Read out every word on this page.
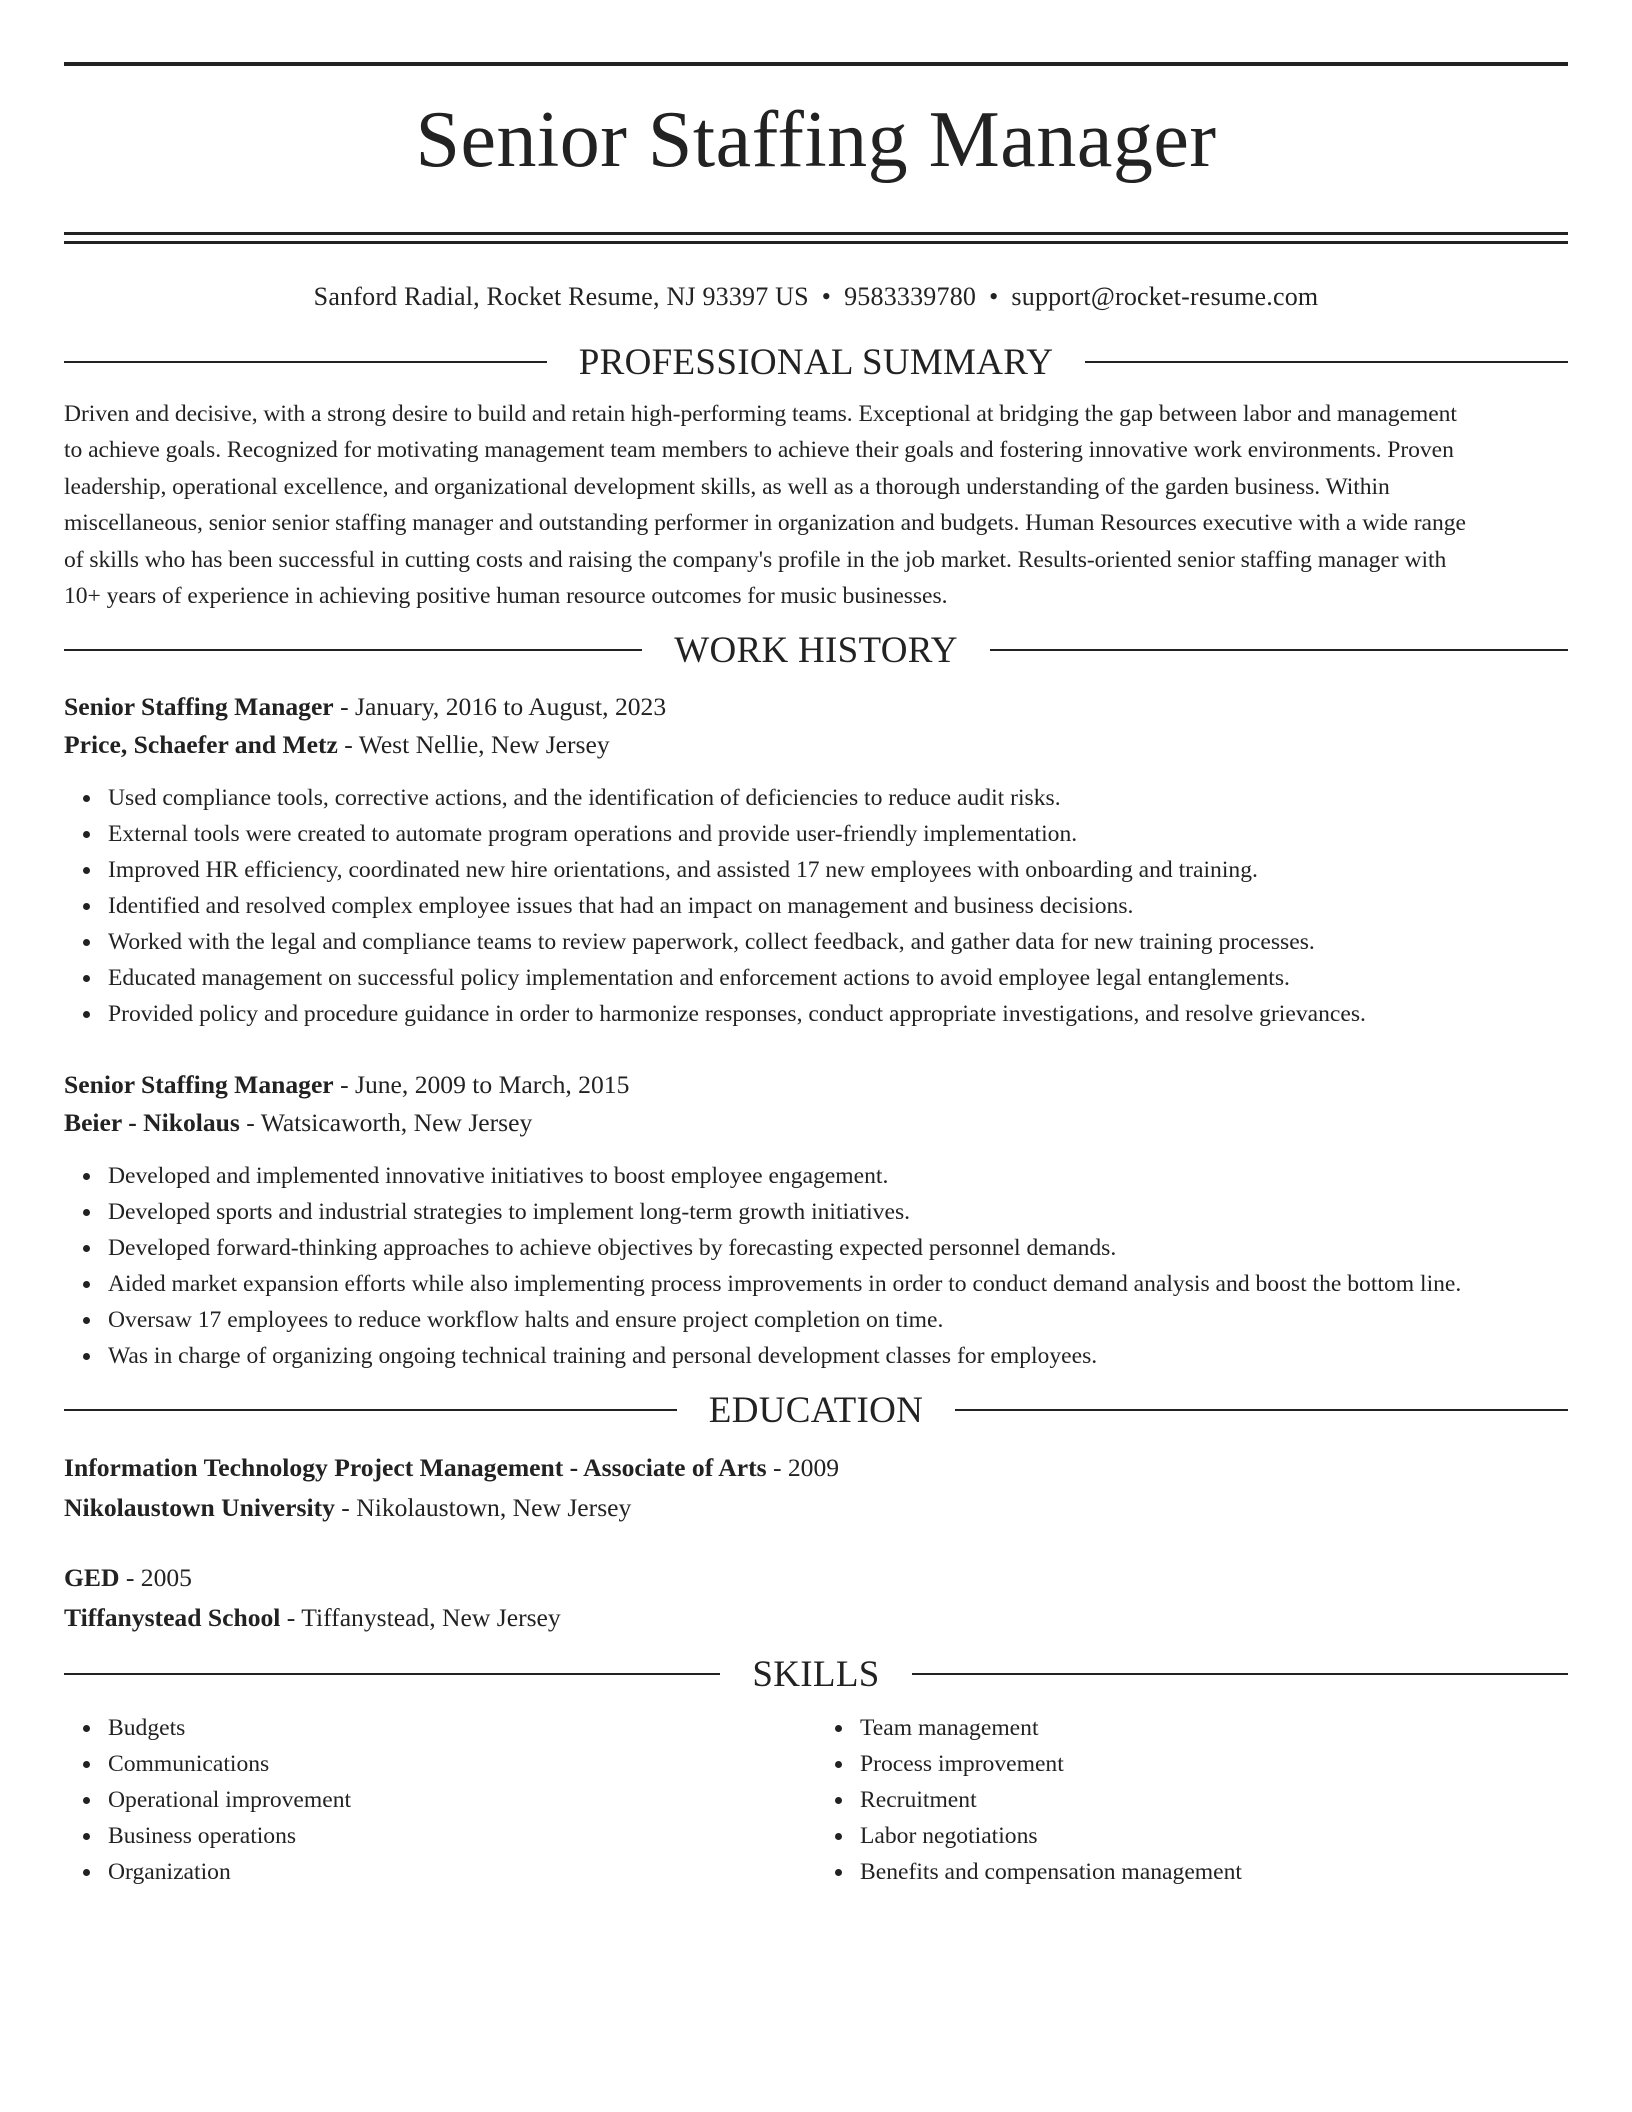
Senior Staffing Manager
Sanford Radial, Rocket Resume, NJ 93397 US • 9583339780 • support@rocket-resume.com
PROFESSIONAL SUMMARY

Driven and decisive, with a strong desire to build and retain high-performing teams. Exceptional at bridging the gap between labor and management
to achieve goals. Recognized for motivating management team members to achieve their goals and fostering innovative work environments. Proven
leadership, operational excellence, and organizational development skills, as well as a thorough understanding of the garden business. Within
miscellaneous, senior senior staffing manager and outstanding performer in organization and budgets. Human Resources executive with a wide range
of skills who has been successful in cutting costs and raising the company's profile in the job market. Results-oriented senior staffing manager with
10+ years of experience in achieving positive human resource outcomes for music businesses.

WORK HISTORY
Senior Staffing Manager - January, 2016 to August, 2023
Price, Schaefer and Metz - West Nellie, New Jersey
Used compliance tools, corrective actions, and the identification of deficiencies to reduce audit risks.
External tools were created to automate program operations and provide user-friendly implementation.
Improved HR efficiency, coordinated new hire orientations, and assisted 17 new employees with onboarding and training.
Identified and resolved complex employee issues that had an impact on management and business decisions.
Worked with the legal and compliance teams to review paperwork, collect feedback, and gather data for new training processes.
Educated management on successful policy implementation and enforcement actions to avoid employee legal entanglements.
Provided policy and procedure guidance in order to harmonize responses, conduct appropriate investigations, and resolve grievances.
Senior Staffing Manager - June, 2009 to March, 2015
Beier - Nikolaus - Watsicaworth, New Jersey
Developed and implemented innovative initiatives to boost employee engagement.
Developed sports and industrial strategies to implement long-term growth initiatives.
Developed forward-thinking approaches to achieve objectives by forecasting expected personnel demands.
Aided market expansion efforts while also implementing process improvements in order to conduct demand analysis and boost the bottom line.
Oversaw 17 employees to reduce workflow halts and ensure project completion on time.
Was in charge of organizing ongoing technical training and personal development classes for employees.
EDUCATION
Information Technology Project Management - Associate of Arts - 2009
Nikolaustown University - Nikolaustown, New Jersey
GED - 2005
Tiffanystead School - Tiffanystead, New Jersey
SKILLS
Budgets
Communications
Operational improvement
Business operations
Organization
Team management
Process improvement
Recruitment
Labor negotiations
Benefits and compensation management
